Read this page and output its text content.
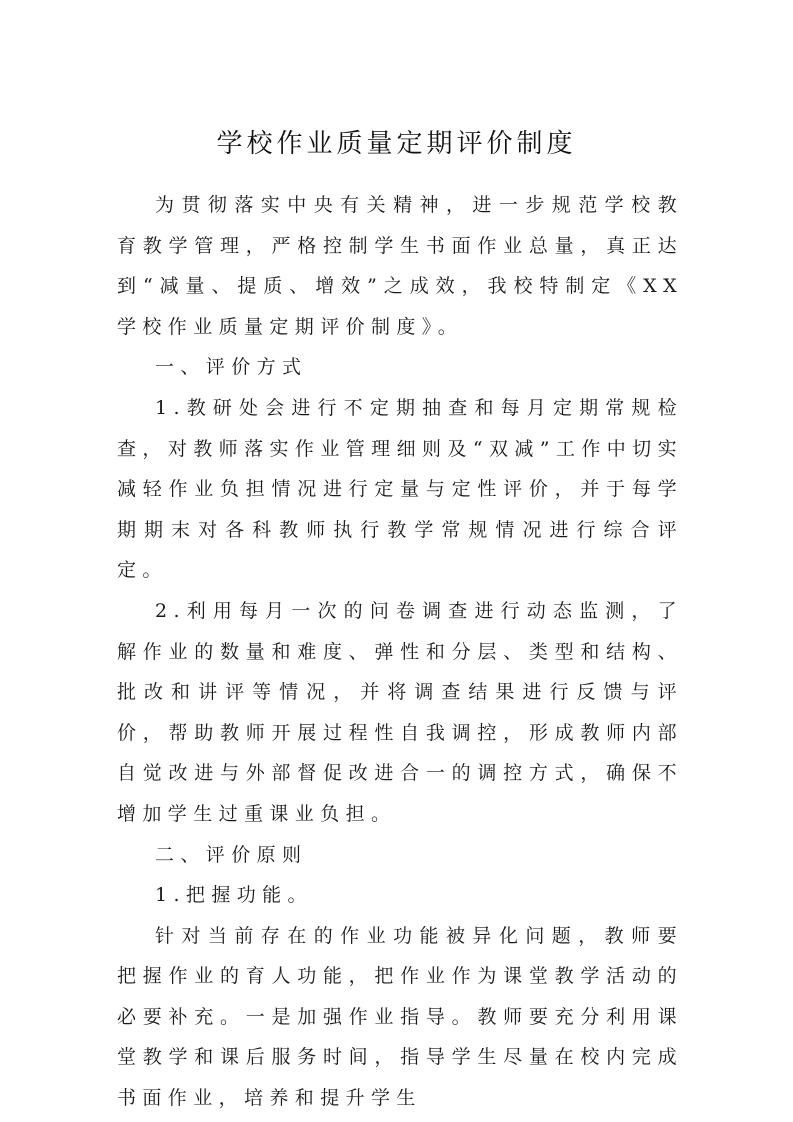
学校作业质量定期评价制度

为贯彻落实中央有关精神，进一步规范学校教育教学管理，严格控制学生书面作业总量，真正达到“减量、提质、增效”之成效，我校特制定《XX学校作业质量定期评价制度》。

一、评价方式

1.教研处会进行不定期抽查和每月定期常规检查，对教师落实作业管理细则及“双减”工作中切实减轻作业负担情况进行定量与定性评价，并于每学期期末对各科教师执行教学常规情况进行综合评定。

2.利用每月一次的问卷调查进行动态监测，了解作业的数量和难度、弹性和分层、类型和结构、批改和讲评等情况，并将调查结果进行反馈与评价，帮助教师开展过程性自我调控，形成教师内部自觉改进与外部督促改进合一的调控方式，确保不增加学生过重课业负担。

二、评价原则

1.把握功能。

针对当前存在的作业功能被异化问题，教师要把握作业的育人功能，把作业作为课堂教学活动的必要补充。一是加强作业指导。教师要充分利用课堂教学和课后服务时间，指导学生尽量在校内完成书面作业，培养和提升学生
